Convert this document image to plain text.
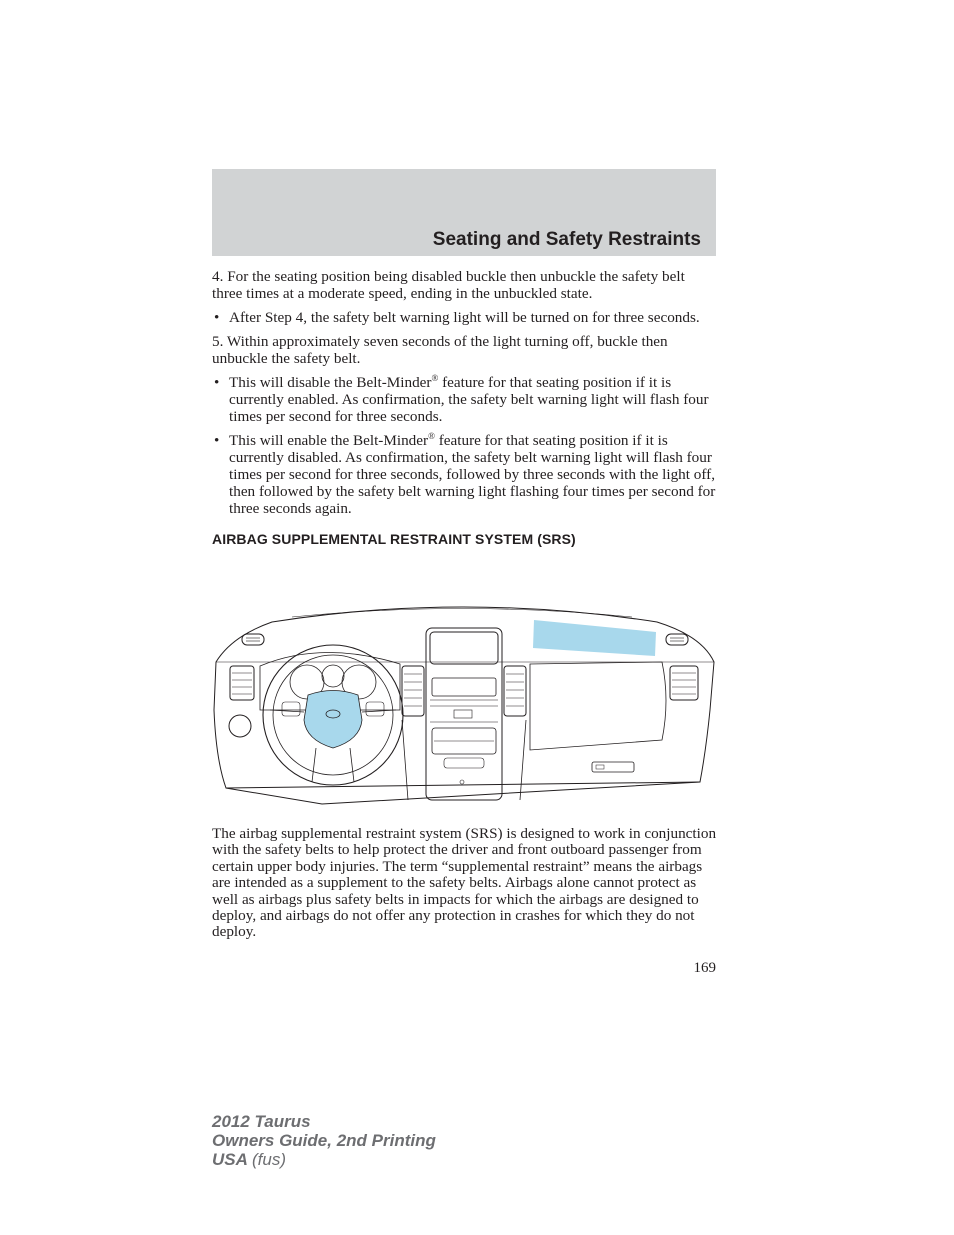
Seating and Safety Restraints

4. For the seating position being disabled buckle then unbuckle the safety belt three times at a moderate speed, ending in the unbuckled state.

•
After Step 4, the safety belt warning light will be turned on for three seconds.

5. Within approximately seven seconds of the light turning off, buckle then unbuckle the safety belt.

•
This will disable the Belt-Minder® feature for that seating position if it is currently enabled. As confirmation, the safety belt warning light will flash four times per second for three seconds.
•
This will enable the Belt-Minder® feature for that seating position if it is currently disabled. As confirmation, the safety belt warning light will flash four times per second for three seconds, followed by three seconds with the light off, then followed by the safety belt warning light flashing four times per second for three seconds again.
AIRBAG SUPPLEMENTAL RESTRAINT SYSTEM (SRS)
The airbag supplemental restraint system (SRS) is designed to work in conjunction with the safety belts to help protect the driver and front outboard passenger from certain upper body injuries. The term “supplemental restraint” means the airbags are intended as a supplement to the safety belts. Airbags alone cannot protect as well as airbags plus safety belts in impacts for which the airbags are designed to deploy, and airbags do not offer any protection in crashes for which they do not deploy.
169
2012 Taurus
Owners Guide, 2nd Printing
USA (fus)
